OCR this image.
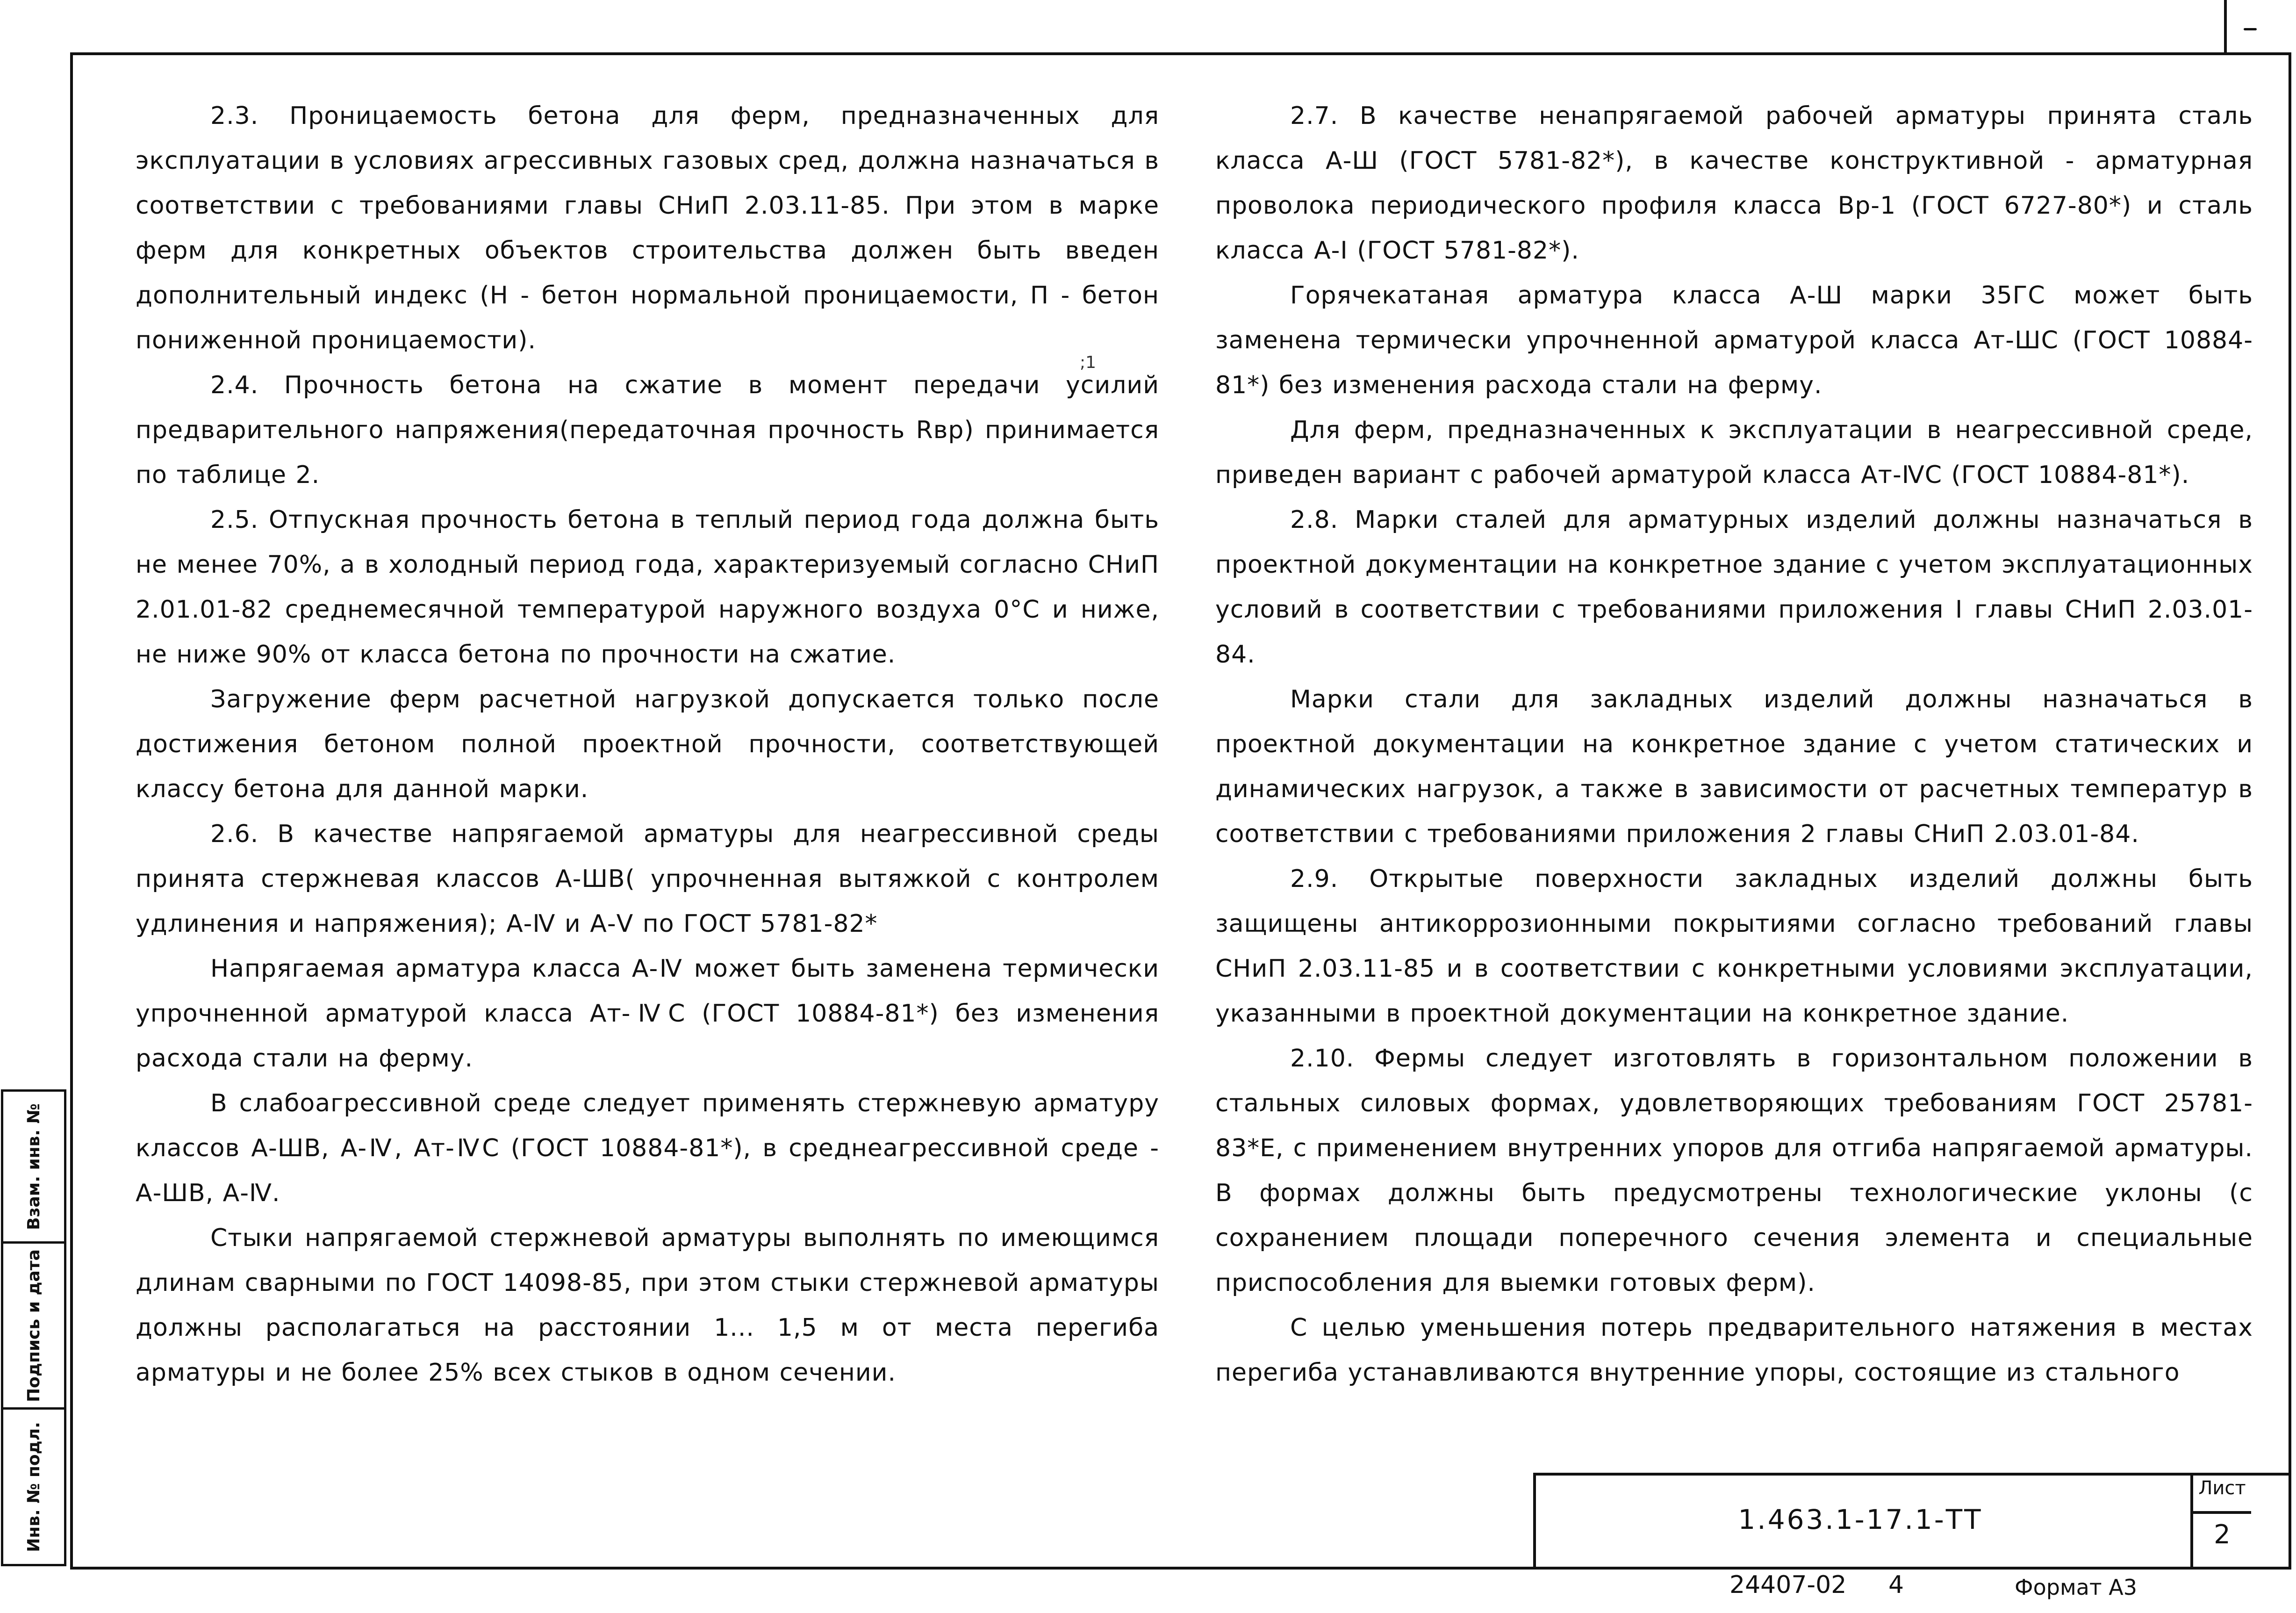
2.3. Проницаемость бетона для ферм, предназначенных для эксплуатации в условиях агрессивных газовых сред, должна назначаться в соответствии с требованиями главы СНиП 2.03.11-85. При этом в марке ферм для конкретных объектов строительства должен быть введен дополнительный индекс (Н - бетон нормальной проницаемости, П - бетон пониженной проницаемости).

2.4. Прочность бетона на сжатие в момент передачи усилий предварительного напряжения(передаточная прочность Rвр) принимается по таблице 2.

2.5. Отпускная прочность бетона в теплый период года должна быть не менее 70%, а в холодный период года, характеризуемый согласно СНиП 2.01.01-82 среднемесячной температурой наружного воздуха 0°С и ниже, не ниже 90% от класса бетона по прочности на сжатие.

Загружение ферм расчетной нагрузкой допускается только после достижения бетоном полной проектной прочности, соответствующей классу бетона для данной марки.

2.6. В качестве напрягаемой арматуры для неагрессивной среды принята стержневая классов А-ШВ( упрочненная вытяжкой с контролем удлинения и напряжения); А-Ⅳ и А-Ⅴ по ГОСТ 5781-82*

Напрягаемая арматура класса А-Ⅳ может быть заменена термически упрочненной арматурой класса Ат-ⅣС (ГОСТ 10884-81*) без изменения расхода стали на ферму.

В слабоагрессивной среде следует применять стержневую арматуру классов А-ШВ, А-Ⅳ, Ат-ⅣС (ГОСТ 10884-81*), в среднеагрессивной среде - А-ШВ, А-Ⅳ.

Стыки напрягаемой стержневой арматуры выполнять по имеющимся длинам сварными по ГОСТ 14098-85, при этом стыки стержневой арматуры должны располагаться на расстоянии 1... 1,5 м от места перегиба арматуры и не более 25% всех стыков в одном сечении.

;1

2.7. В качестве ненапрягаемой рабочей арматуры принята сталь класса А-Ш (ГОСТ 5781-82*), в качестве конструктивной - арматурная проволока периодического профиля класса Вр-1 (ГОСТ 6727-80*) и сталь класса А-I (ГОСТ 5781-82*).

Горячекатаная арматура класса А-Ш марки 35ГС может быть заменена термически упрочненной арматурой класса Ат-ШС (ГОСТ 10884-81*) без изменения расхода стали на ферму.

Для ферм, предназначенных к эксплуатации в неагрессивной среде, приведен вариант с рабочей арматурой класса Ат-ⅣС (ГОСТ 10884-81*).

2.8. Марки сталей для арматурных изделий должны назначаться в проектной документации на конкретное здание с учетом эксплуатационных условий в соответствии с требованиями приложения I главы СНиП 2.03.01-84.

Марки стали для закладных изделий должны назначаться в проектной документации на конкретное здание с учетом статических и динамических нагрузок, а также в зависимости от расчетных температур в соответствии с требованиями приложения 2 главы СНиП 2.03.01-84.

2.9. Открытые поверхности закладных изделий должны быть защищены антикоррозионными покрытиями согласно требований главы СНиП 2.03.11-85 и в соответствии с конкретными условиями эксплуатации, указанными в проектной документации на конкретное здание.

2.10. Фермы следует изготовлять в горизонтальном положении в стальных силовых формах, удовлетворяющих требованиям ГОСТ 25781-83*Е, с применением внутренних упоров для отгиба напрягаемой арматуры. В формах должны быть предусмотрены технологические уклоны (с сохранением площади поперечного сечения элемента и специальные приспособления для выемки готовых ферм).

С целью уменьшения потерь предварительного натяжения в местах перегиба устанавливаются внутренние упоры, состоящие из стального

Взам. инв. №
Подпись и дата
Инв. № подл.	1.463.1-17.1-ТТ
Лист
2
24407-02 4	Формат А3
